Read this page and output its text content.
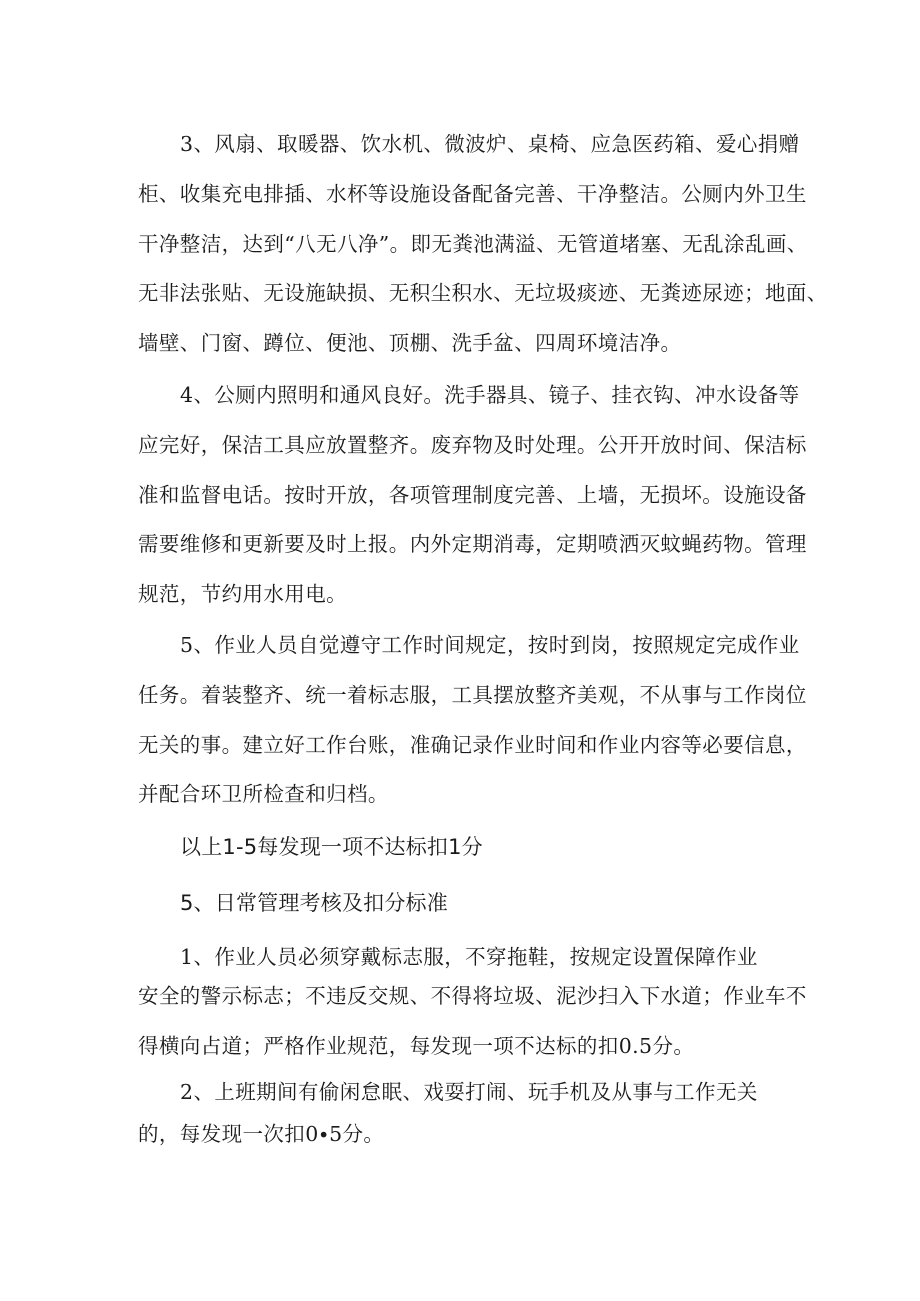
3、风扇、取暖器、饮水机、微波炉、桌椅、应急医药箱、爱心捐赠
柜、收集充电排插、水杯等设施设备配备完善、干净整洁。公厕内外卫生
干净整洁，达到“八无八净”。即无粪池满溢、无管道堵塞、无乱涂乱画、
无非法张贴、无设施缺损、无积尘积水、无垃圾痰迹、无粪迹尿迹；地面、
墙壁、门窗、蹲位、便池、顶棚、洗手盆、四周环境洁净。
4、公厕内照明和通风良好。洗手器具、镜子、挂衣钩、冲水设备等
应完好，保洁工具应放置整齐。废弃物及时处理。公开开放时间、保洁标
准和监督电话。按时开放，各项管理制度完善、上墙，无损坏。设施设备
需要维修和更新要及时上报。内外定期消毒，定期喷洒灭蚊蝇药物。管理
规范，节约用水用电。
5、作业人员自觉遵守工作时间规定，按时到岗，按照规定完成作业
任务。着装整齐、统一着标志服，工具摆放整齐美观，不从事与工作岗位
无关的事。建立好工作台账，准确记录作业时间和作业内容等必要信息，
并配合环卫所检查和归档。
以上1-5每发现一项不达标扣1分
5、日常管理考核及扣分标准
1、作业人员必须穿戴标志服，不穿拖鞋，按规定设置保障作业
安全的警示标志；不违反交规、不得将垃圾、泥沙扫入下水道；作业车不
得横向占道；严格作业规范，每发现一项不达标的扣0.5分。
2、上班期间有偷闲怠眠、戏耍打闹、玩手机及从事与工作无关
的，每发现一次扣0∙5分。
